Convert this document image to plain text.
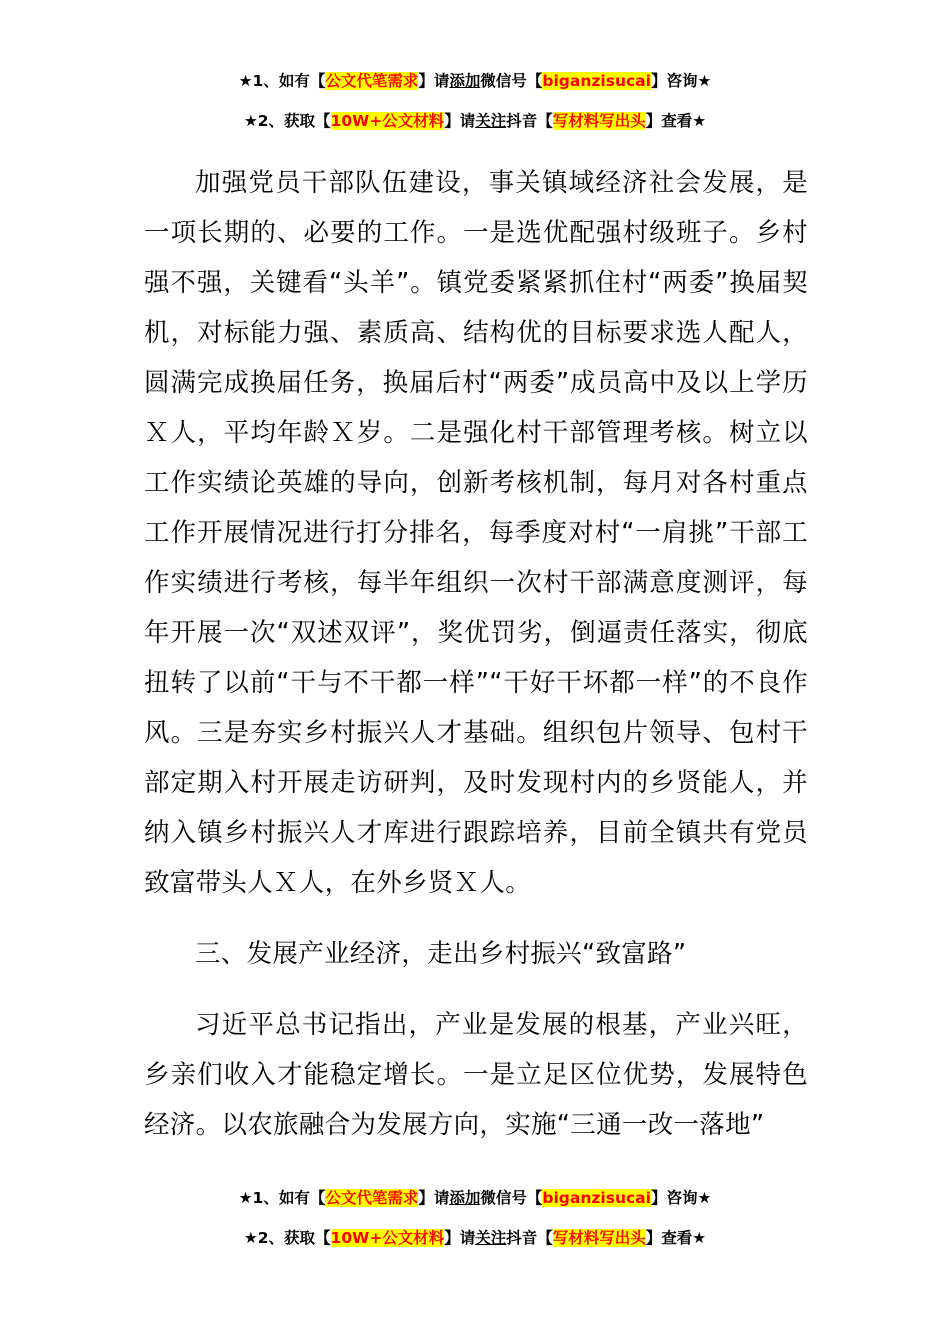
★1、如有【公文代笔需求】请添加微信号【biganzisucai】咨询★
★2、获取【10W+公文材料】请关注抖音【写材料写出头】查看★

加强党员干部队伍建设，事关镇域经济社会发展，是一项长期的、必要的工作。一是选优配强村级班子。乡村强不强，关键看“头羊”。镇党委紧紧抓住村“两委”换届契机，对标能力强、素质高、结构优的目标要求选人配人，圆满完成换届任务，换届后村“两委”成员高中及以上学历Ｘ人，平均年龄Ｘ岁。二是强化村干部管理考核。树立以工作实绩论英雄的导向，创新考核机制，每月对各村重点工作开展情况进行打分排名，每季度对村“一肩挑”干部工作实绩进行考核，每半年组织一次村干部满意度测评，每年开展一次“双述双评”，奖优罚劣，倒逼责任落实，彻底扭转了以前“干与不干都一样”“干好干坏都一样”的不良作风。三是夯实乡村振兴人才基础。组织包片领导、包村干部定期入村开展走访研判，及时发现村内的乡贤能人，并纳入镇乡村振兴人才库进行跟踪培养，目前全镇共有党员致富带头人Ｘ人，在外乡贤Ｘ人。

三、发展产业经济，走出乡村振兴“致富路”

习近平总书记指出，产业是发展的根基，产业兴旺，乡亲们收入才能稳定增长。一是立足区位优势，发展特色经济。以农旅融合为发展方向，实施“三通一改一落地”

★1、如有【公文代笔需求】请添加微信号【biganzisucai】咨询★
★2、获取【10W+公文材料】请关注抖音【写材料写出头】查看★
